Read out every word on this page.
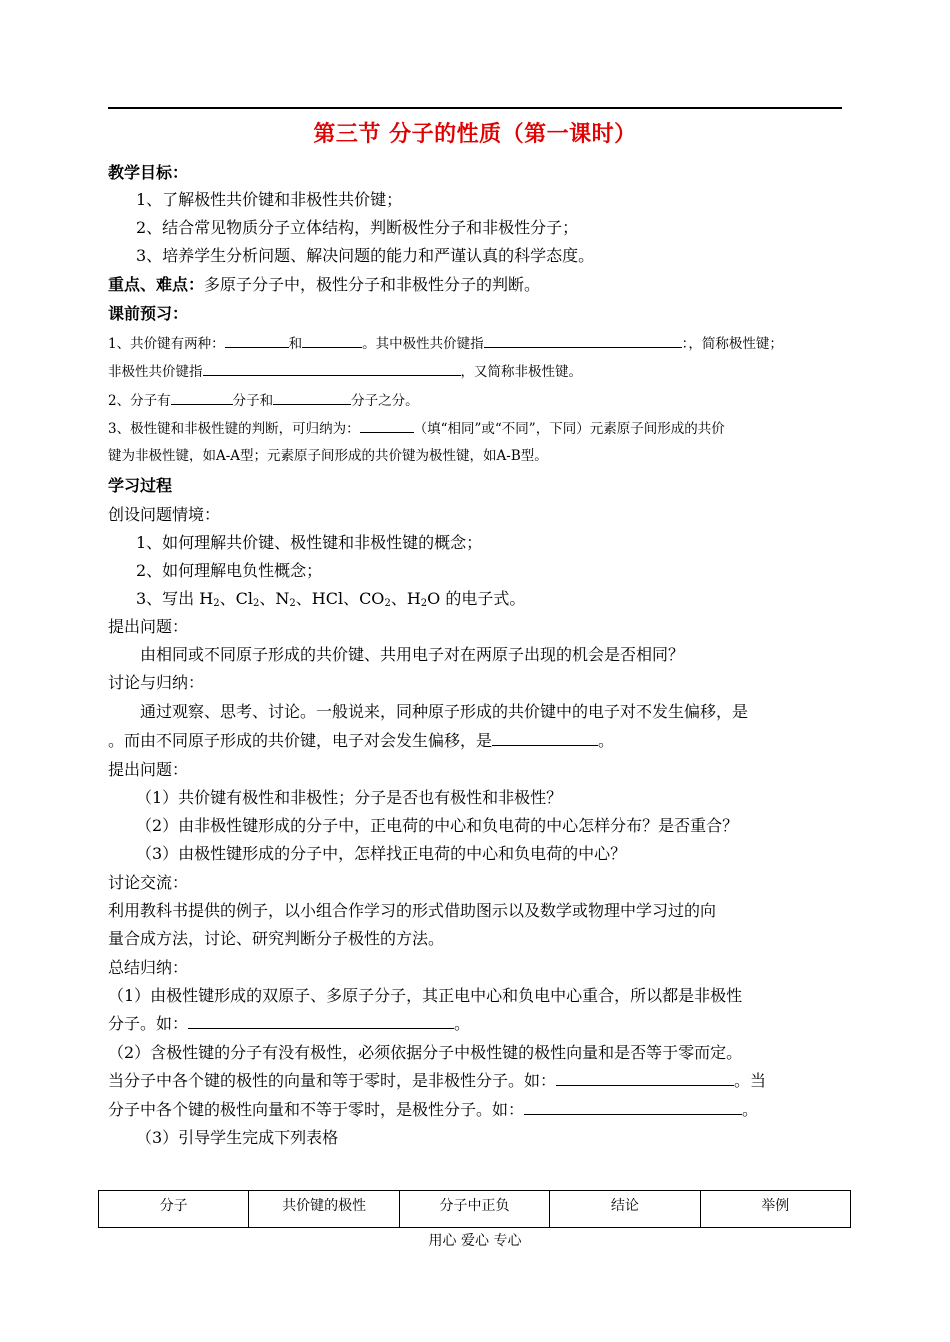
第三节 分子的性质（第一课时）
教学目标：
1、了解极性共价键和非极性共价键；
2、结合常见物质分子立体结构，判断极性分子和非极性分子；
3、培养学生分析问题、解决问题的能力和严谨认真的科学态度。
重点、难点：多原子分子中，极性分子和非极性分子的判断。
课前预习：
1、共价键有两种：	和	。其中极性共价键指	：，简称极性键；
非极性共价键指	，又简称非极性键。
2、分子有	分子和	分子之分。
3、极性键和非极性键的判断，可归纳为：	（填“相同”或“不同”，下同）元素原子间形成的共价
键为非极性键，如A-A型；元素原子间形成的共价键为极性键，如A-B型。
学习过程
创设问题情境：
1、如何理解共价键、极性键和非极性键的概念；
2、如何理解电负性概念；
3、写出 $H_2$、$Cl_2$、$N_2$、HCl、$CO_2$、$H_2O$ 的电子式。
提出问题：
由相同或不同原子形成的共价键、共用电子对在两原子出现的机会是否相同？
讨论与归纳：
通过观察、思考、讨论。一般说来，同种原子形成的共价键中的电子对不发生偏移，是
。而由不同原子形成的共价键，电子对会发生偏移，是	。
提出问题：
（1）共价键有极性和非极性；分子是否也有极性和非极性？
（2）由非极性键形成的分子中，正电荷的中心和负电荷的中心怎样分布？是否重合？
（3）由极性键形成的分子中，怎样找正电荷的中心和负电荷的中心？
讨论交流：
利用教科书提供的例子，以小组合作学习的形式借助图示以及数学或物理中学习过的向
量合成方法，讨论、研究判断分子极性的方法。
总结归纳：
（1）由极性键形成的双原子、多原子分子，其正电中心和负电中心重合，所以都是非极性
分子。如：	。
（2）含极性键的分子有没有极性，必须依据分子中极性键的极性向量和是否等于零而定。
当分子中各个键的极性的向量和等于零时，是非极性分子。如：	。当
分子中各个键的极性向量和不等于零时，是极性分子。如：	。
（3）引导学生完成下列表格
分子	共价键的极性	分子中正负	结论	举例
用心 爱心 专心
